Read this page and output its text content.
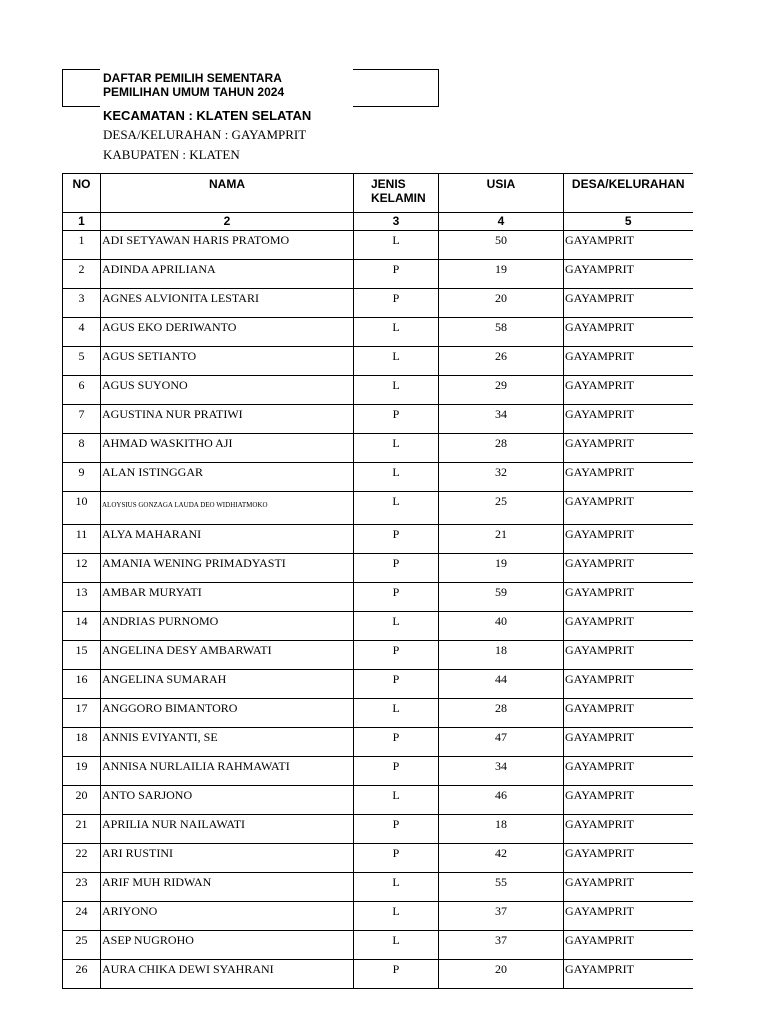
DAFTAR PEMILIH SEMENTARA
PEMILIHAN UMUM TAHUN 2024
KECAMATAN : KLATEN SELATAN
DESA/KELURAHAN : GAYAMPRIT
KABUPATEN : KLATEN
NO	NAMA	JENIS KELAMIN	USIA	DESA/KELURAHAN
1	2	3	4	5
1	ADI SETYAWAN HARIS PRATOMO	L	50	GAYAMPRIT
2	ADINDA APRILIANA	P	19	GAYAMPRIT
3	AGNES ALVIONITA LESTARI	P	20	GAYAMPRIT
4	AGUS EKO DERIWANTO	L	58	GAYAMPRIT
5	AGUS SETIANTO	L	26	GAYAMPRIT
6	AGUS SUYONO	L	29	GAYAMPRIT
7	AGUSTINA NUR PRATIWI	P	34	GAYAMPRIT
8	AHMAD WASKITHO AJI	L	28	GAYAMPRIT
9	ALAN ISTINGGAR	L	32	GAYAMPRIT
10	ALOYSIUS GONZAGA LAUDA DEO WIDHIATMOKO	L	25	GAYAMPRIT
11	ALYA MAHARANI	P	21	GAYAMPRIT
12	AMANIA WENING PRIMADYASTI	P	19	GAYAMPRIT
13	AMBAR MURYATI	P	59	GAYAMPRIT
14	ANDRIAS PURNOMO	L	40	GAYAMPRIT
15	ANGELINA DESY AMBARWATI	P	18	GAYAMPRIT
16	ANGELINA SUMARAH	P	44	GAYAMPRIT
17	ANGGORO BIMANTORO	L	28	GAYAMPRIT
18	ANNIS EVIYANTI, SE	P	47	GAYAMPRIT
19	ANNISA NURLAILIA RAHMAWATI	P	34	GAYAMPRIT
20	ANTO SARJONO	L	46	GAYAMPRIT
21	APRILIA NUR NAILAWATI	P	18	GAYAMPRIT
22	ARI RUSTINI	P	42	GAYAMPRIT
23	ARIF MUH RIDWAN	L	55	GAYAMPRIT
24	ARIYONO	L	37	GAYAMPRIT
25	ASEP NUGROHO	L	37	GAYAMPRIT
26	AURA CHIKA DEWI SYAHRANI	P	20	GAYAMPRIT
